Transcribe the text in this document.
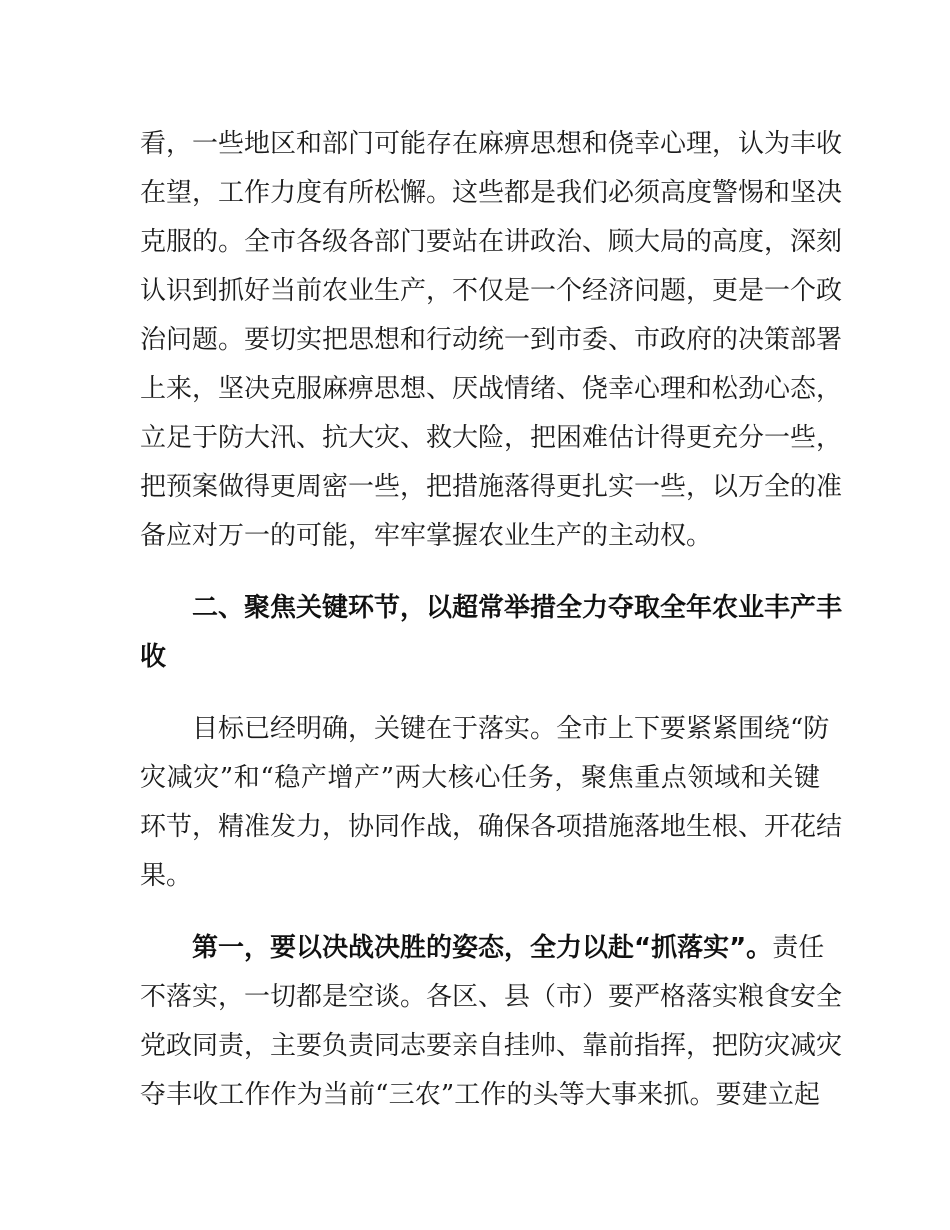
看，一些地区和部门可能存在麻痹思想和侥幸心理，认为丰收
在望，工作力度有所松懈。这些都是我们必须高度警惕和坚决
克服的。全市各级各部门要站在讲政治、顾大局的高度，深刻
认识到抓好当前农业生产，不仅是一个经济问题，更是一个政
治问题。要切实把思想和行动统一到市委、市政府的决策部署
上来，坚决克服麻痹思想、厌战情绪、侥幸心理和松劲心态，
立足于防大汛、抗大灾、救大险，把困难估计得更充分一些，
把预案做得更周密一些，把措施落得更扎实一些，以万全的准
备应对万一的可能，牢牢掌握农业生产的主动权。
二、聚焦关键环节，以超常举措全力夺取全年农业丰产丰
收
目标已经明确，关键在于落实。全市上下要紧紧围绕“防
灾减灾”和“稳产增产”两大核心任务，聚焦重点领域和关键
环节，精准发力，协同作战，确保各项措施落地生根、开花结
果。
第一，要以决战决胜的姿态，全力以赴“抓落实”。责任
不落实，一切都是空谈。各区、县（市）要严格落实粮食安全
党政同责，主要负责同志要亲自挂帅、靠前指挥，把防灾减灾
夺丰收工作作为当前“三农”工作的头等大事来抓。要建立起
